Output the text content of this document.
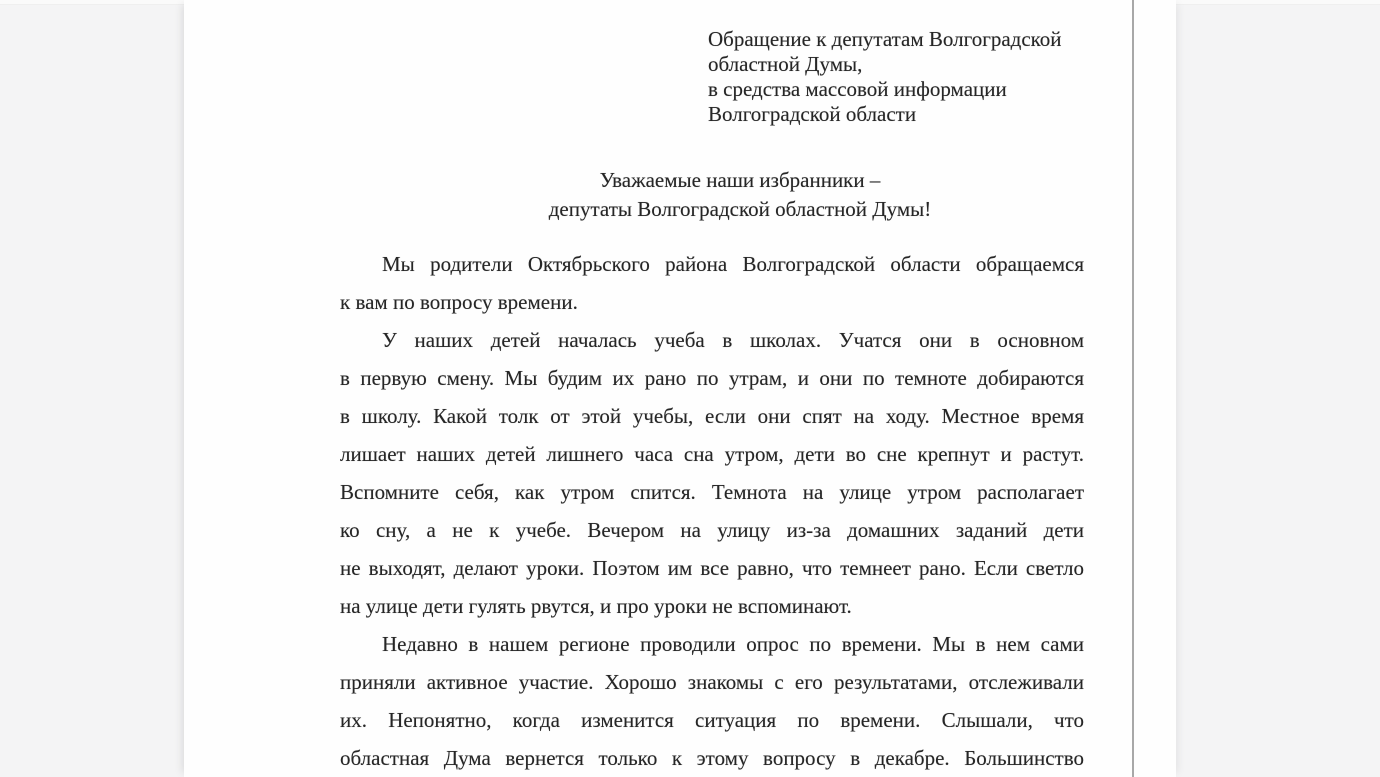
Обращение к депутатам Волгоградской
областной Думы,
в средства массовой информации
Волгоградской области
Уважаемые наши избранники –
депутаты Волгоградской областной Думы!
Мы родители Октябрьского района Волгоградской области обращаемся
к вам по вопросу времени.
У наших детей началась учеба в школах. Учатся они в основном
в первую смену. Мы будим их рано по утрам, и они по темноте добираются
в школу. Какой толк от этой учебы, если они спят на ходу. Местное время
лишает наших детей лишнего часа сна утром, дети во сне крепнут и растут.
Вспомните себя, как утром спится. Темнота на улице утром располагает
ко сну, а не к учебе. Вечером на улицу из-за домашних заданий дети
не выходят, делают уроки. Поэтом им все равно, что темнеет рано. Если светло
на улице дети гулять рвутся, и про уроки не вспоминают.
Недавно в нашем регионе проводили опрос по времени. Мы в нем сами
приняли активное участие. Хорошо знакомы с его результатами, отслеживали
их. Непонятно, когда изменится ситуация по времени. Слышали, что
областная Дума вернется только к этому вопросу в декабре. Большинство
